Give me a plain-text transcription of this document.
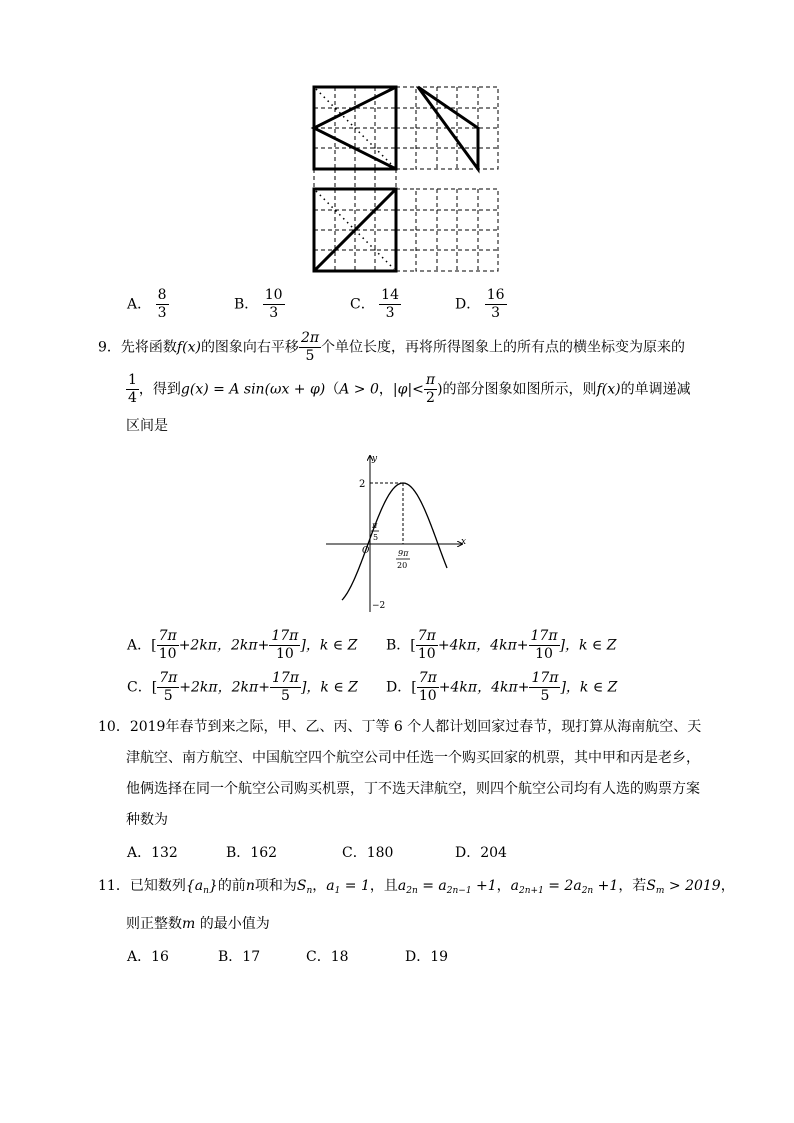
A． $\frac{8}{3}$	B． $\frac{10}{3}$	C． $\frac{14}{3}$	D． $\frac{16}{3}$
9．先将函数f(x)的图象向右平移 $\frac{2\pi}{5}$ 个单位长度，再将所得图象上的所有点的横坐标变为原来的
$\frac{1}{4}$ ，得到g(x) = A sin(ωx + φ)（A > 0，$|\varphi|< \frac{\pi}{2}$ )的部分图象如图所示，则f(x)的单调递减
区间是
y
x
O
2
−2
π
5
9π
20
A．[ $\frac{7\pi}{10} +2k\pi$，$2k\pi+ \frac{17\pi}{10}$ ]，k ∈ Z B．[ $\frac{7\pi}{10} +4k\pi$，$4k\pi+ \frac{17\pi}{10}$ ]，k ∈ Z
C．[ $\frac{7\pi}{5} +2k\pi$，$2k\pi+ \frac{17\pi}{5}$ ]，k ∈ Z D．[ $\frac{7\pi}{10} +4k\pi$，$4k\pi+ \frac{17\pi}{5}$ ]，k ∈ Z
10．2019年春节到来之际，甲、乙、丙、丁等 6 个人都计划回家过春节，现打算从海南航空、天
津航空、南方航空、中国航空四个航空公司中任选一个购买回家的机票，其中甲和丙是老乡，
他俩选择在同一个航空公司购买机票，丁不选天津航空，则四个航空公司均有人选的购票方案
种数为
A．132	B．162	C．180	D．204
11．已知数列$\{a_n\}$的前n项和为$S_n$，$a_1 = 1$，且$a_{2n} = a_{2n-1} +1$，$a_{2n+1} = 2a_{2n} +1$，若$S_m > 2019$，
则正整数m 的最小值为
A．16	B．17	C．18	D．19
